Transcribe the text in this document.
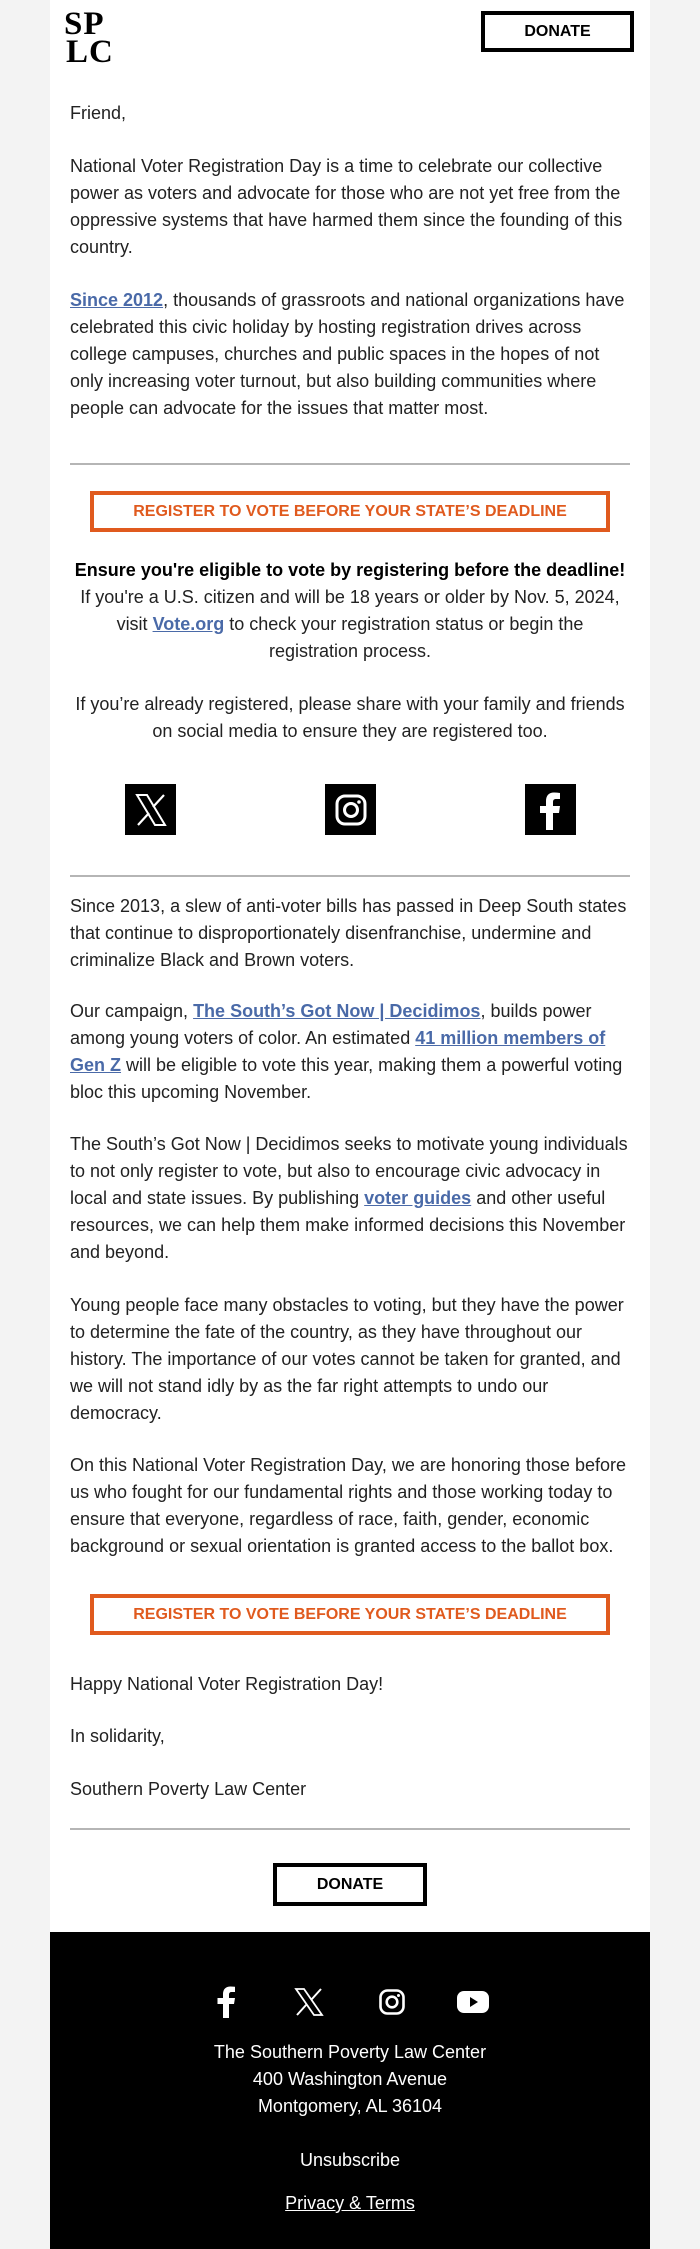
SP
LC
DONATE

Friend,

National Voter Registration Day is a time to celebrate our collective power as voters and advocate for those who are not yet free from the oppressive systems that have harmed them since the founding of this country.

Since 2012, thousands of grassroots and national organizations have celebrated this civic holiday by hosting registration drives across college campuses, churches and public spaces in the hopes of not only increasing voter turnout, but also building communities where people can advocate for the issues that matter most.

REGISTER TO VOTE BEFORE YOUR STATE’S DEADLINE

Ensure you're eligible to vote by registering before the deadline!

If you're a U.S. citizen and will be 18 years or older by Nov. 5, 2024, visit Vote.org to check your registration status or begin the registration process.

If you’re already registered, please share with your family and friends on social media to ensure they are registered too.

Since 2013, a slew of anti-voter bills has passed in Deep South states that continue to disproportionately disenfranchise, undermine and criminalize Black and Brown voters.

Our campaign, The South’s Got Now | Decidimos, builds power among young voters of color. An estimated 41 million members of Gen Z will be eligible to vote this year, making them a powerful voting bloc this upcoming November.

The South’s Got Now | Decidimos seeks to motivate young individuals to not only register to vote, but also to encourage civic advocacy in local and state issues. By publishing voter guides and other useful resources, we can help them make informed decisions this November and beyond.

Young people face many obstacles to voting, but they have the power to determine the fate of the country, as they have throughout our history. The importance of our votes cannot be taken for granted, and we will not stand idly by as the far right attempts to undo our democracy.

On this National Voter Registration Day, we are honoring those before us who fought for our fundamental rights and those working today to ensure that everyone, regardless of race, faith, gender, economic background or sexual orientation is granted access to the ballot box.

REGISTER TO VOTE BEFORE YOUR STATE’S DEADLINE

Happy National Voter Registration Day!

In solidarity,

Southern Poverty Law Center

DONATE
The Southern Poverty Law Center
400 Washington Avenue
Montgomery, AL 36104
Unsubscribe
Privacy & Terms
